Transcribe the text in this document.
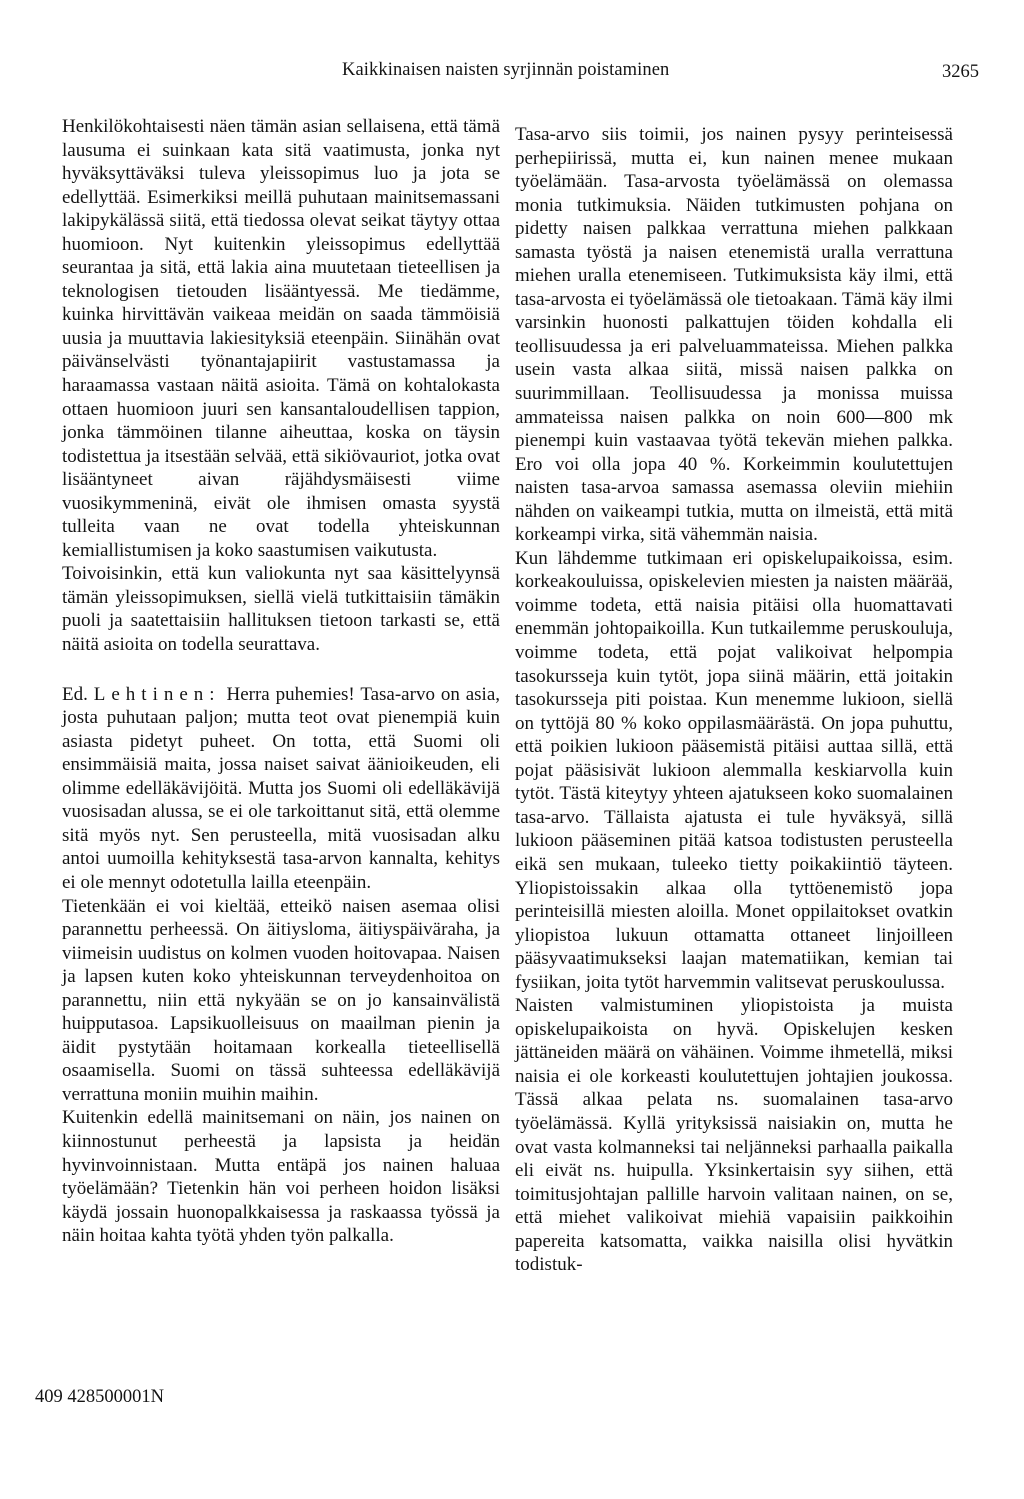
Kaikkinaisen naisten syrjinnän poistaminen	3265

Henkilökohtaisesti näen tämän asian sellaisena, että tämä lausuma ei suinkaan kata sitä vaatimusta, jonka nyt hyväksyttäväksi tuleva yleissopimus luo ja jota se edellyttää. Esimerkiksi meillä puhutaan mainitsemassani lakipykälässä siitä, että tiedossa olevat seikat täytyy ottaa huomioon. Nyt kuitenkin yleissopimus edellyttää seurantaa ja sitä, että lakia aina muutetaan tieteellisen ja teknologisen tietouden lisääntyessä. Me tiedämme, kuinka hirvittävän vaikeaa meidän on saada tämmöisiä uusia ja muuttavia lakiesityksiä eteenpäin. Siinähän ovat päivänselvästi työnantajapiirit vastustamassa ja haraamassa vastaan näitä asioita. Tämä on kohtalokasta ottaen huomioon juuri sen kansantaloudellisen tappion, jonka tämmöinen tilanne aiheuttaa, koska on täysin todistettua ja itsestään selvää, että sikiövauriot, jotka ovat lisääntyneet aivan räjähdysmäisesti viime vuosikymmeninä, eivät ole ihmisen omasta syystä tulleita vaan ne ovat todella yhteiskunnan kemiallistumisen ja koko saastumisen vaikutusta.

Toivoisinkin, että kun valiokunta nyt saa käsittelyynsä tämän yleissopimuksen, siellä vielä tutkittaisiin tämäkin puoli ja saatettaisiin hallituksen tietoon tarkasti se, että näitä asioita on todella seurattava.

Ed. Lehtinen: Herra puhemies! Tasa-arvo on asia, josta puhutaan paljon; mutta teot ovat pienempiä kuin asiasta pidetyt puheet. On totta, että Suomi oli ensimmäisiä maita, jossa naiset saivat äänioikeuden, eli olimme edelläkävijöitä. Mutta jos Suomi oli edelläkävijä vuosisadan alussa, se ei ole tarkoittanut sitä, että olemme sitä myös nyt. Sen perusteella, mitä vuosisadan alku antoi uumoilla kehityksestä tasa-arvon kannalta, kehitys ei ole mennyt odotetulla lailla eteenpäin.

Tietenkään ei voi kieltää, etteikö naisen asemaa olisi parannettu perheessä. On äitiysloma, äitiyspäiväraha, ja viimeisin uudistus on kolmen vuoden hoitovapaa. Naisen ja lapsen kuten koko yhteiskunnan terveydenhoitoa on parannettu, niin että nykyään se on jo kansainvälistä huipputasoa. Lapsikuolleisuus on maailman pienin ja äidit pystytään hoitamaan korkealla tieteellisellä osaamisella. Suomi on tässä suhteessa edelläkävijä verrattuna moniin muihin maihin.

Kuitenkin edellä mainitsemani on näin, jos nainen on kiinnostunut perheestä ja lapsista ja heidän hyvinvoinnistaan. Mutta entäpä jos nainen haluaa työelämään? Tietenkin hän voi perheen hoidon lisäksi käydä jossain huonopalkkaisessa ja raskaassa työssä ja näin hoitaa kahta työtä yhden työn palkalla.

Tasa-arvo siis toimii, jos nainen pysyy perinteisessä perhepiirissä, mutta ei, kun nainen menee mukaan työelämään. Tasa-arvosta työelämässä on olemassa monia tutkimuksia. Näiden tutkimusten pohjana on pidetty naisen palkkaa verrattuna miehen palkkaan samasta työstä ja naisen etenemistä uralla verrattuna miehen uralla etenemiseen. Tutkimuksista käy ilmi, että tasa-arvosta ei työelämässä ole tietoakaan. Tämä käy ilmi varsinkin huonosti palkattujen töiden kohdalla eli teollisuudessa ja eri palveluammateissa. Miehen palkka usein vasta alkaa siitä, missä naisen palkka on suurimmillaan. Teollisuudessa ja monissa muissa ammateissa naisen palkka on noin 600—800 mk pienempi kuin vastaavaa työtä tekevän miehen palkka. Ero voi olla jopa 40 %. Korkeimmin koulutettujen naisten tasa-arvoa samassa asemassa oleviin miehiin nähden on vaikeampi tutkia, mutta on ilmeistä, että mitä korkeampi virka, sitä vähemmän naisia.

Kun lähdemme tutkimaan eri opiskelupaikoissa, esim. korkeakouluissa, opiskelevien miesten ja naisten määrää, voimme todeta, että naisia pitäisi olla huomattavati enemmän johtopaikoilla. Kun tutkailemme peruskouluja, voimme todeta, että pojat valikoivat helpompia tasokursseja kuin tytöt, jopa siinä määrin, että joitakin tasokursseja piti poistaa. Kun menemme lukioon, siellä on tyttöjä 80 % koko oppilasmäärästä. On jopa puhuttu, että poikien lukioon pääsemistä pitäisi auttaa sillä, että pojat pääsisivät lukioon alemmalla keskiarvolla kuin tytöt. Tästä kiteytyy yhteen ajatukseen koko suomalainen tasa-arvo. Tällaista ajatusta ei tule hyväksyä, sillä lukioon pääseminen pitää katsoa todistusten perusteella eikä sen mukaan, tuleeko tietty poikakiintiö täyteen. Yliopistoissakin alkaa olla tyttöenemistö jopa perinteisillä miesten aloilla. Monet oppilaitokset ovatkin yliopistoa lukuun ottamatta ottaneet linjoilleen pääsyvaatimukseksi laajan matematiikan, kemian tai fysiikan, joita tytöt harvemmin valitsevat peruskoulussa.

Naisten valmistuminen yliopistoista ja muista opiskelupaikoista on hyvä. Opiskelujen kesken jättäneiden määrä on vähäinen. Voimme ihmetellä, miksi naisia ei ole korkeasti koulutettujen johtajien joukossa. Tässä alkaa pelata ns. suomalainen tasa-arvo työelämässä. Kyllä yrityksissä naisiakin on, mutta he ovat vasta kolmanneksi tai neljänneksi parhaalla paikalla eli eivät ns. huipulla. Yksinkertaisin syy siihen, että toimitusjohtajan pallille harvoin valitaan nainen, on se, että miehet valikoivat miehiä vapaisiin paikkoihin papereita katsomatta, vaikka naisilla olisi hyvätkin todistuk-

409 428500001N
